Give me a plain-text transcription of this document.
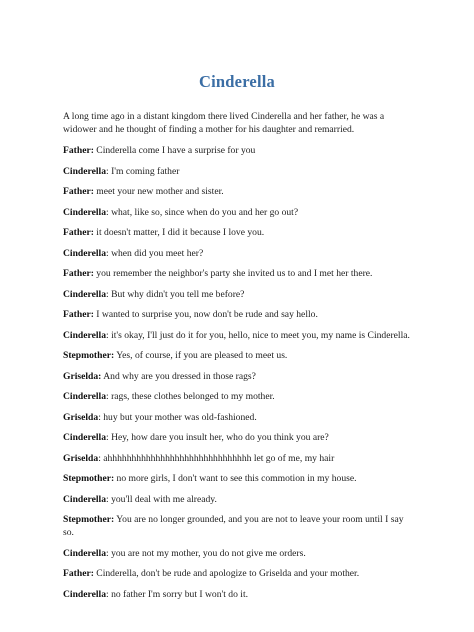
Cinderella

A long time ago in a distant kingdom there lived Cinderella and her father, he was a widower and he thought of finding a mother for his daughter and remarried.

Father: Cinderella come I have a surprise for you

Cinderella: I'm coming father

Father: meet your new mother and sister.

Cinderella: what, like so, since when do you and her go out?

Father: it doesn't matter, I did it because I love you.

Cinderella: when did you meet her?

Father: you remember the neighbor's party she invited us to and I met her there.

Cinderella: But why didn't you tell me before?

Father: I wanted to surprise you, now don't be rude and say hello.

Cinderella: it's okay, I'll just do it for you, hello, nice to meet you, my name is Cinderella.

Stepmother: Yes, of course, if you are pleased to meet us.

Griselda: And why are you dressed in those rags?

Cinderella: rags, these clothes belonged to my mother.

Griselda: huy but your mother was old-fashioned.

Cinderella: Hey, how dare you insult her, who do you think you are?

Griselda: ahhhhhhhhhhhhhhhhhhhhhhhhhhhhhh let go of me, my hair

Stepmother: no more girls, I don't want to see this commotion in my house.

Cinderella: you'll deal with me already.

Stepmother: You are no longer grounded, and you are not to leave your room until I say so.

Cinderella: you are not my mother, you do not give me orders.

Father: Cinderella, don't be rude and apologize to Griselda and your mother.

Cinderella: no father I'm sorry but I won't do it.
